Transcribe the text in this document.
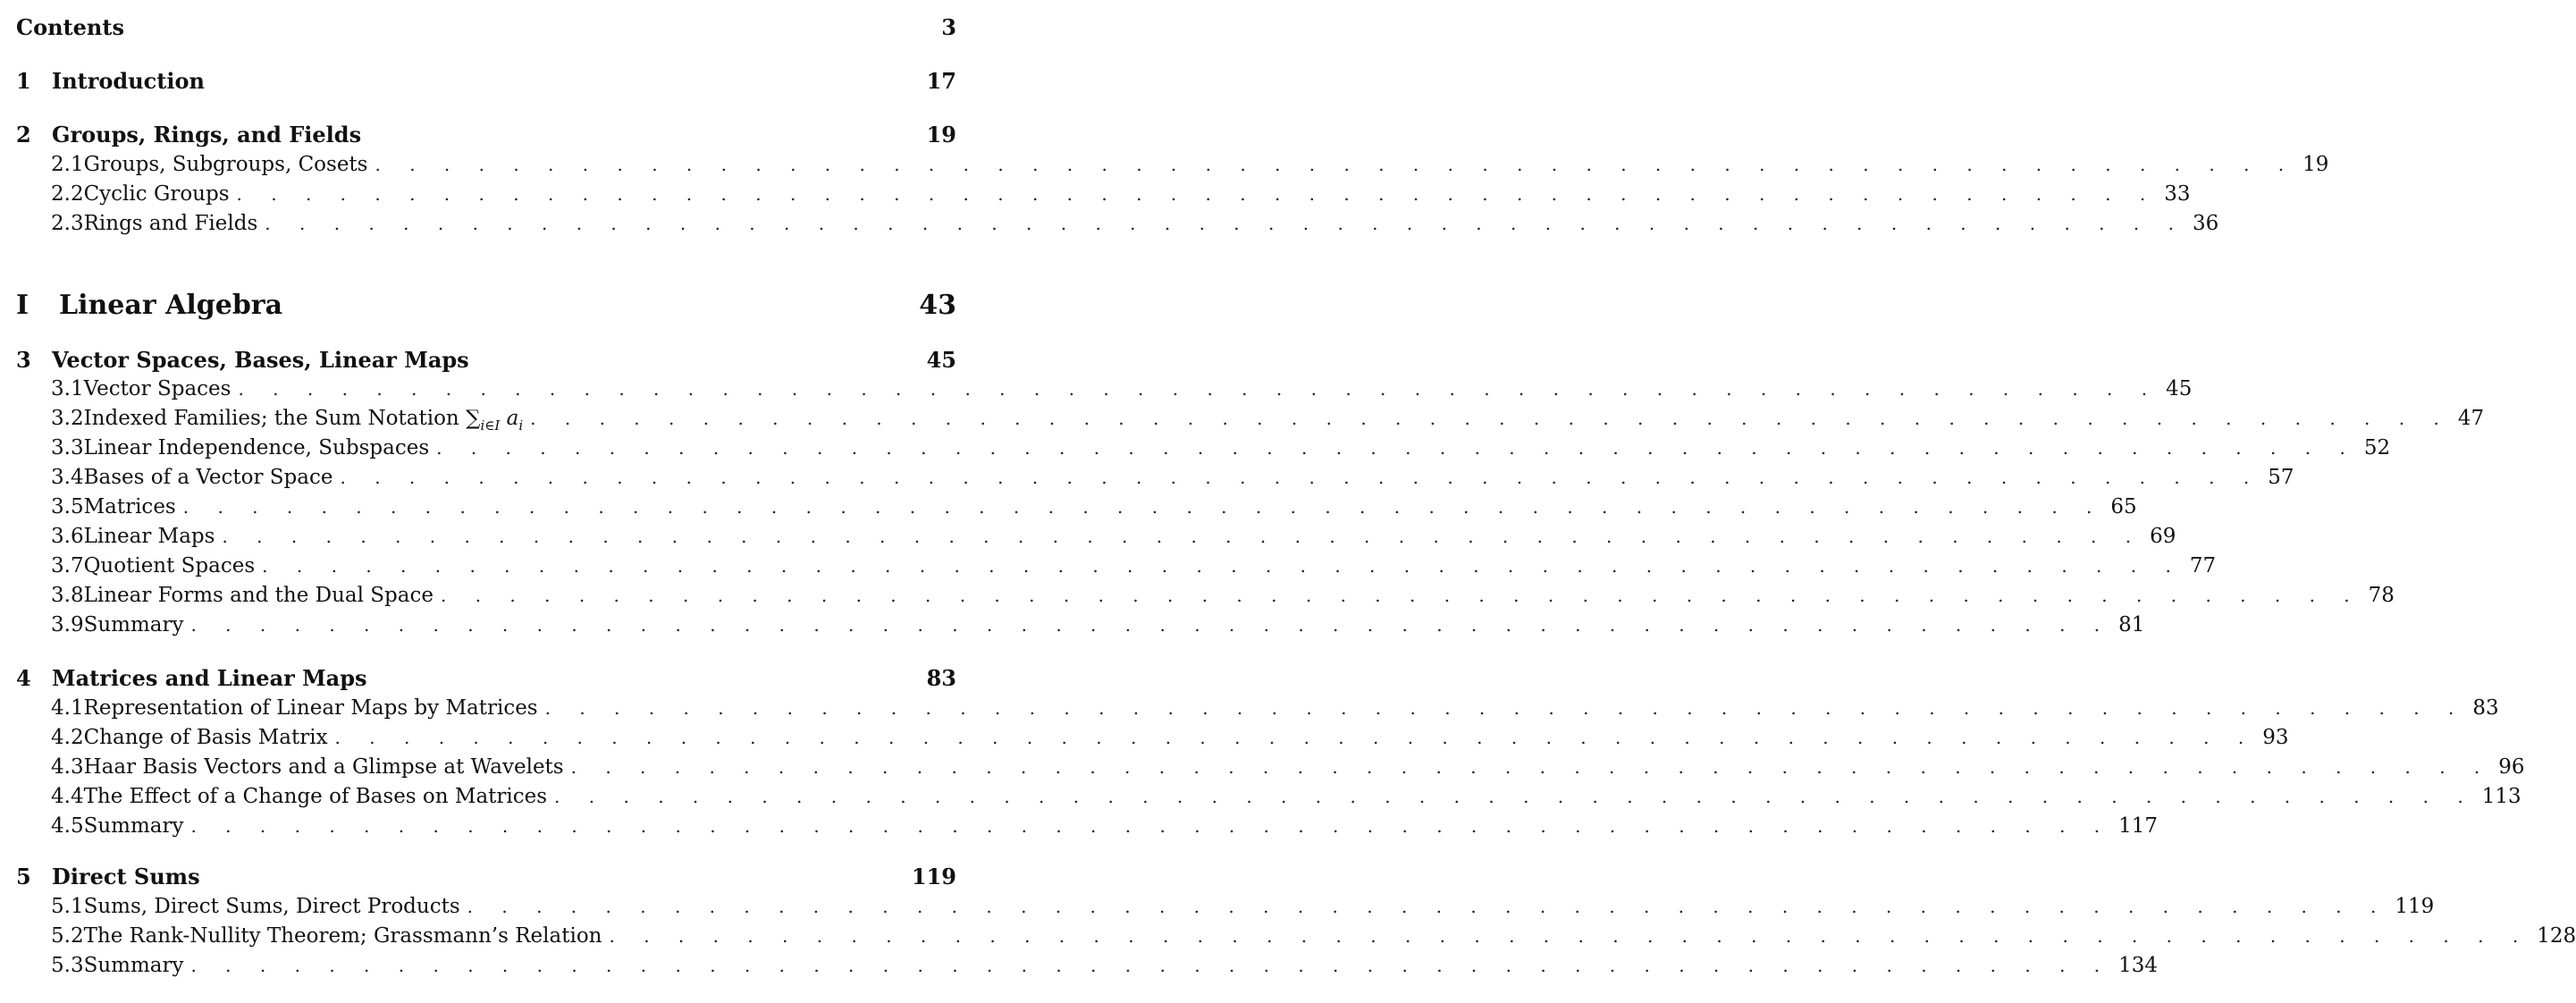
Contents	3
1 Introduction	17
2 Groups, Rings, and Fields	19
2.1 Groups, Subgroups, Cosets . . . . . . . . . . . . . . . . . . . . . . . . . . . . . . . . . . . . . . . . . . . . . . . . . . . . . . . . 19
2.2 Cyclic Groups . . . . . . . . . . . . . . . . . . . . . . . . . . . . . . . . . . . . . . . . . . . . . . . . . . . . . . . . 33
2.3 Rings and Fields . . . . . . . . . . . . . . . . . . . . . . . . . . . . . . . . . . . . . . . . . . . . . . . . . . . . . . . . 36
I	Linear Algebra	43
3 Vector Spaces, Bases, Linear Maps	45
3.1 Vector Spaces . . . . . . . . . . . . . . . . . . . . . . . . . . . . . . . . . . . . . . . . . . . . . . . . . . . . . . . . 45
3.2 Indexed Families; the Sum Notation $\sum_{i\in I}$ $a_i$ . . . . . . . . . . . . . . . . . . . . . . . . . . . . . . . . . . . . . . . . . . . . . . . . . . . . . . . . 47
3.3 Linear Independence, Subspaces . . . . . . . . . . . . . . . . . . . . . . . . . . . . . . . . . . . . . . . . . . . . . . . . . . . . . . . . 52
3.4 Bases of a Vector Space . . . . . . . . . . . . . . . . . . . . . . . . . . . . . . . . . . . . . . . . . . . . . . . . . . . . . . . . 57
3.5 Matrices . . . . . . . . . . . . . . . . . . . . . . . . . . . . . . . . . . . . . . . . . . . . . . . . . . . . . . . . 65
3.6 Linear Maps . . . . . . . . . . . . . . . . . . . . . . . . . . . . . . . . . . . . . . . . . . . . . . . . . . . . . . . . 69
3.7 Quotient Spaces . . . . . . . . . . . . . . . . . . . . . . . . . . . . . . . . . . . . . . . . . . . . . . . . . . . . . . . . 77
3.8 Linear Forms and the Dual Space . . . . . . . . . . . . . . . . . . . . . . . . . . . . . . . . . . . . . . . . . . . . . . . . . . . . . . . . 78
3.9 Summary . . . . . . . . . . . . . . . . . . . . . . . . . . . . . . . . . . . . . . . . . . . . . . . . . . . . . . . . 81
4 Matrices and Linear Maps	83
4.1 Representation of Linear Maps by Matrices . . . . . . . . . . . . . . . . . . . . . . . . . . . . . . . . . . . . . . . . . . . . . . . . . . . . . . . . 83
4.2 Change of Basis Matrix . . . . . . . . . . . . . . . . . . . . . . . . . . . . . . . . . . . . . . . . . . . . . . . . . . . . . . . . 93
4.3 Haar Basis Vectors and a Glimpse at Wavelets . . . . . . . . . . . . . . . . . . . . . . . . . . . . . . . . . . . . . . . . . . . . . . . . . . . . . . . . 96
4.4 The Effect of a Change of Bases on Matrices . . . . . . . . . . . . . . . . . . . . . . . . . . . . . . . . . . . . . . . . . . . . . . . . . . . . . . . . 113
4.5 Summary . . . . . . . . . . . . . . . . . . . . . . . . . . . . . . . . . . . . . . . . . . . . . . . . . . . . . . . . 117
5 Direct Sums	119
5.1 Sums, Direct Sums, Direct Products . . . . . . . . . . . . . . . . . . . . . . . . . . . . . . . . . . . . . . . . . . . . . . . . . . . . . . . . 119
5.2 The Rank-Nullity Theorem; Grassmann’s Relation . . . . . . . . . . . . . . . . . . . . . . . . . . . . . . . . . . . . . . . . . . . . . . . . . . . . . . . . 128
5.3 Summary . . . . . . . . . . . . . . . . . . . . . . . . . . . . . . . . . . . . . . . . . . . . . . . . . . . . . . . . 134
